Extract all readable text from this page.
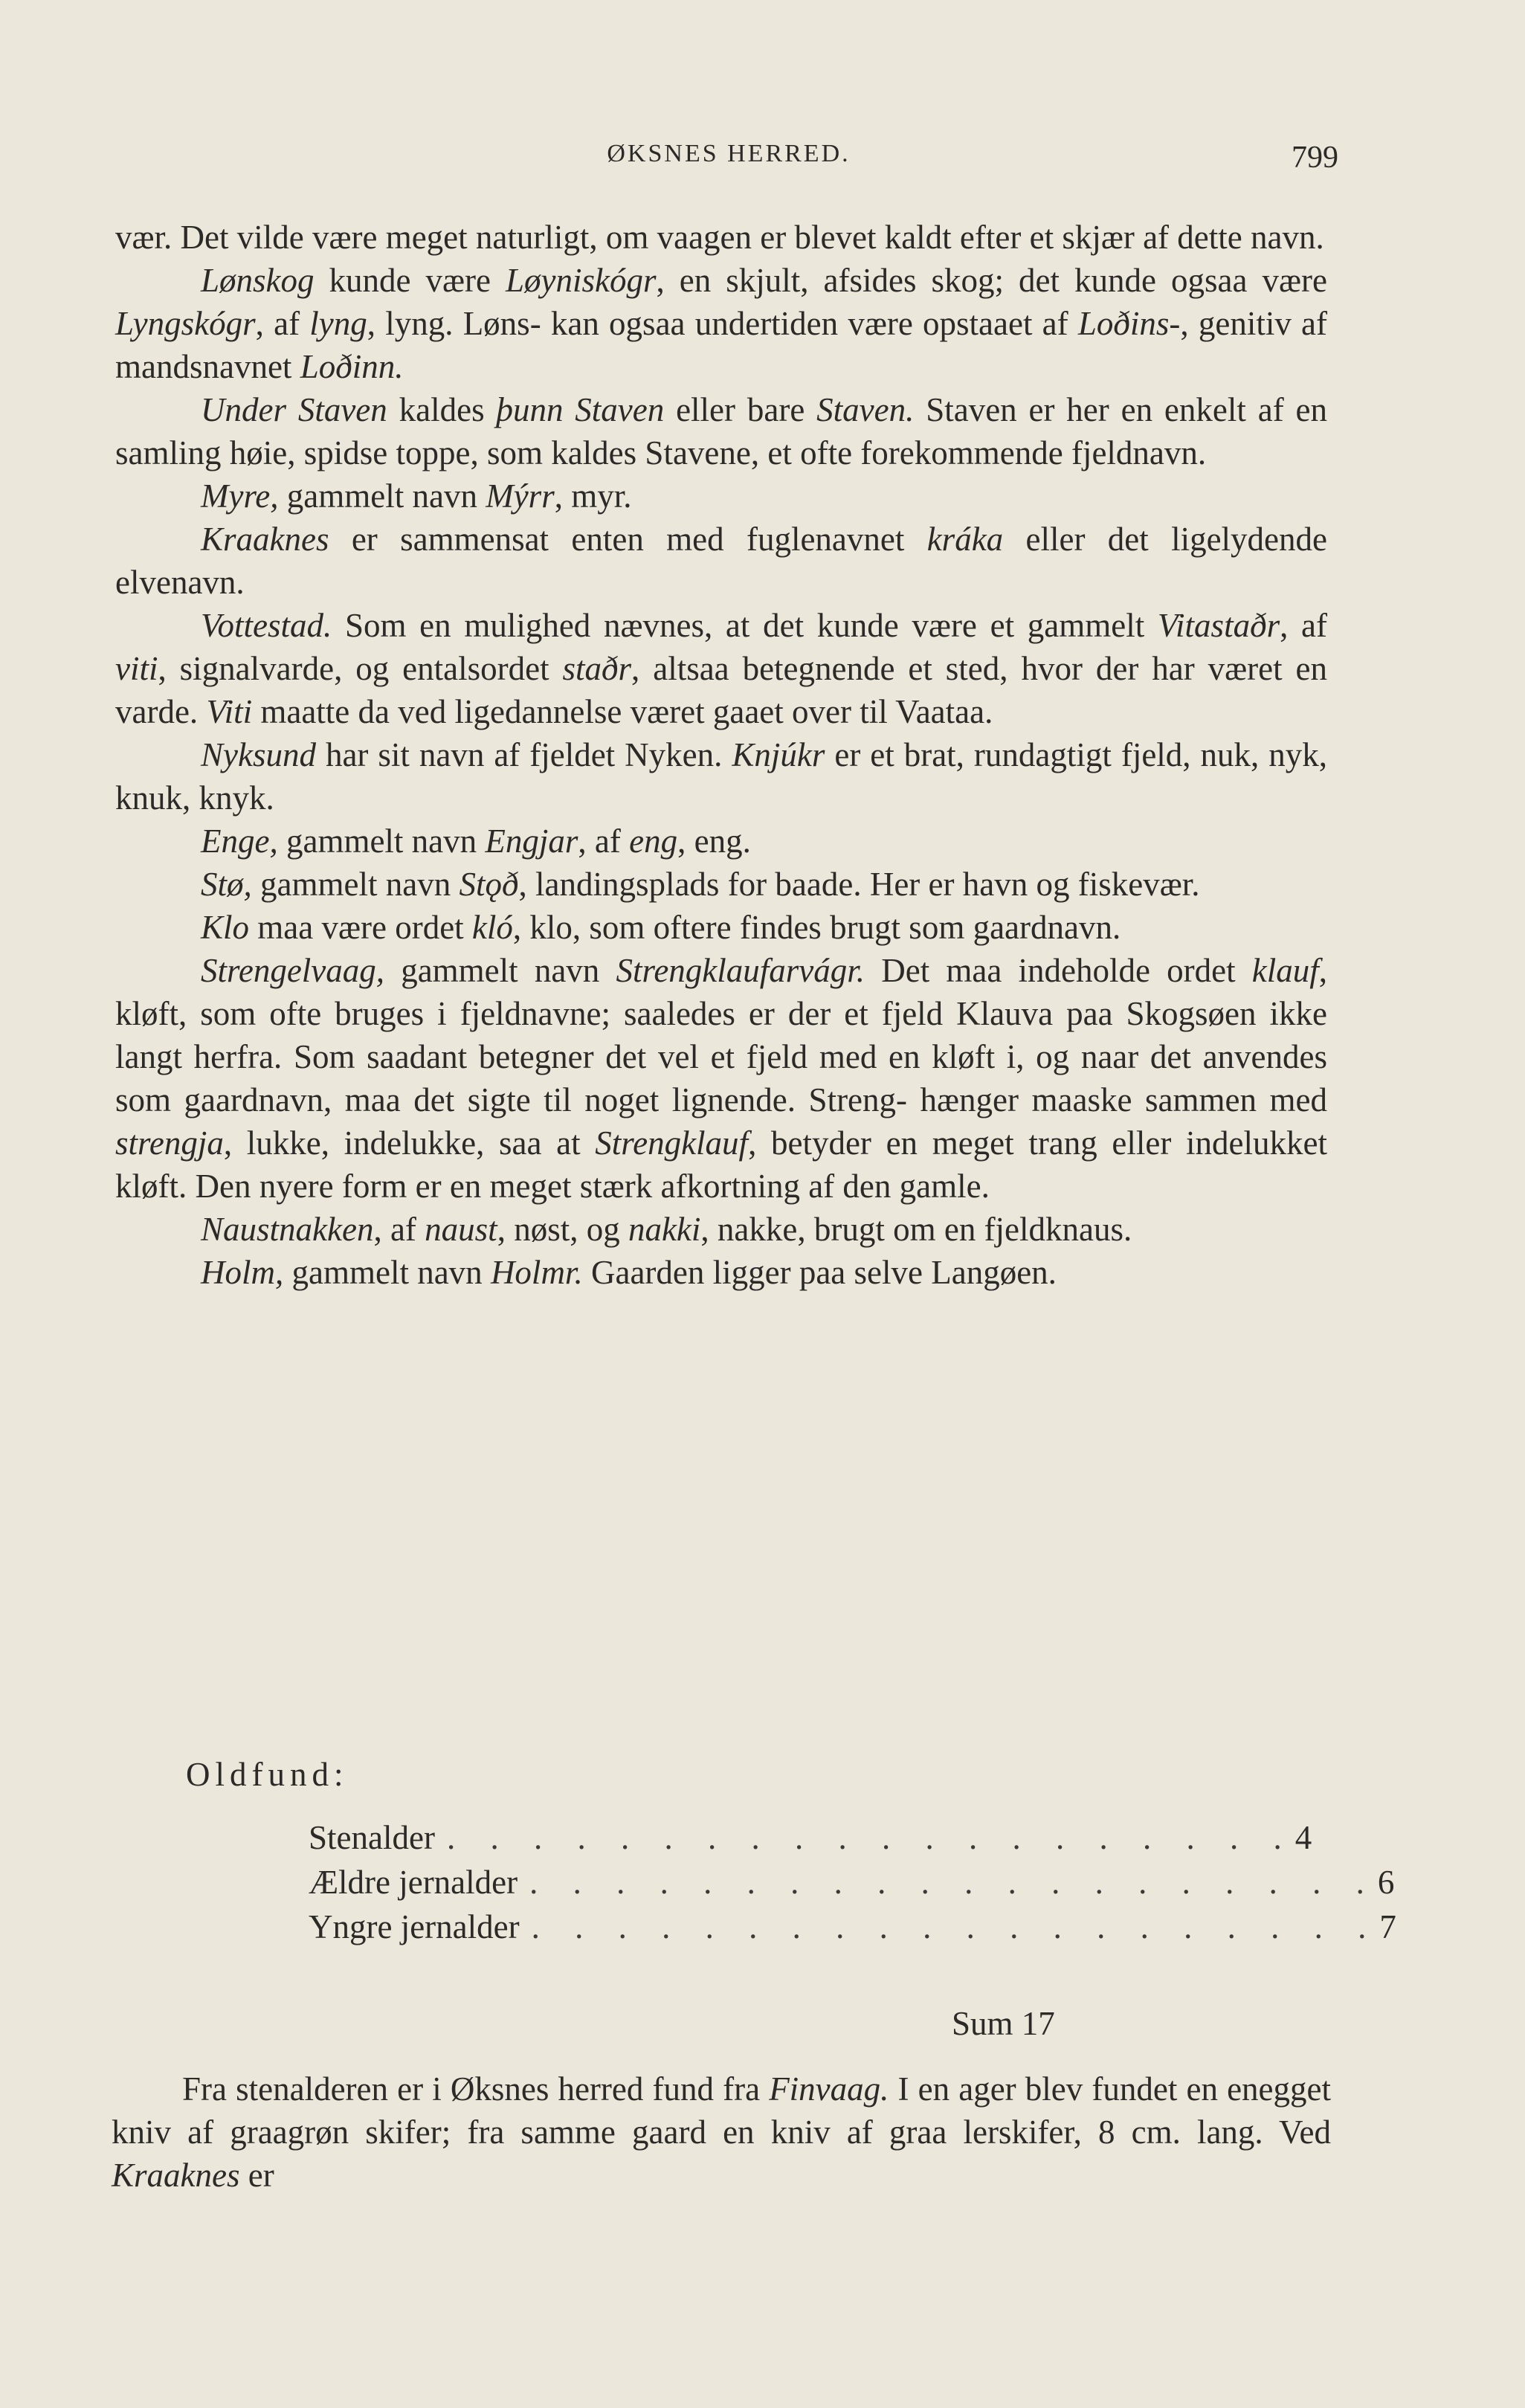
ØKSNES HERRED.	799

vær. Det vilde være meget naturligt, om vaagen er blevet kaldt efter et skjær af dette navn.

Lønskog kunde være Løyniskógr, en skjult, afsides skog; det kunde ogsaa være Lyngskógr, af lyng, lyng. Løns- kan ogsaa undertiden være opstaaet af Loðins-, genitiv af mandsnavnet Loðinn.

Under Staven kaldes þunn Staven eller bare Staven. Staven er her en enkelt af en samling høie, spidse toppe, som kaldes Stavene, et ofte forekommende fjeldnavn.

Myre, gammelt navn Mýrr, myr.

Kraaknes er sammensat enten med fuglenavnet kráka eller det ligelydende elvenavn.

Vottestad. Som en mulighed nævnes, at det kunde være et gammelt Vitastaðr, af viti, signalvarde, og entalsordet staðr, altsaa betegnende et sted, hvor der har været en varde. Viti maatte da ved ligedannelse været gaaet over til Vaataa.

Nyksund har sit navn af fjeldet Nyken. Knjúkr er et brat, rundagtigt fjeld, nuk, nyk, knuk, knyk.

Enge, gammelt navn Engjar, af eng, eng.

Stø, gammelt navn Stǫð, landingsplads for baade. Her er havn og fiskevær.

Klo maa være ordet kló, klo, som oftere findes brugt som gaardnavn.

Strengelvaag, gammelt navn Strengklaufarvágr. Det maa indeholde ordet klauf, kløft, som ofte bruges i fjeldnavne; saaledes er der et fjeld Klauva paa Skogsøen ikke langt herfra. Som saadant betegner det vel et fjeld med en kløft i, og naar det anvendes som gaardnavn, maa det sigte til noget lignende. Streng- hænger maaske sammen med strengja, lukke, indelukke, saa at Strengklauf, betyder en meget trang eller indelukket kløft. Den nyere form er en meget stærk afkortning af den gamle.

Naustnakken, af naust, nøst, og nakki, nakke, brugt om en fjeldknaus.

Holm, gammelt navn Holmr. Gaarden ligger paa selve Langøen.

Oldfund:
Stenalder . . . . . . . . . . . . . . . . . . . . 4
Ældre jernalder . . . . . . . . . . . . . . . . . . . . 6
Yngre jernalder . . . . . . . . . . . . . . . . . . . . 7
Sum 17

Fra stenalderen er i Øksnes herred fund fra Finvaag. I en ager blev fundet en enegget kniv af graagrøn skifer; fra samme gaard en kniv af graa lerskifer, 8 cm. lang. Ved Kraaknes er
